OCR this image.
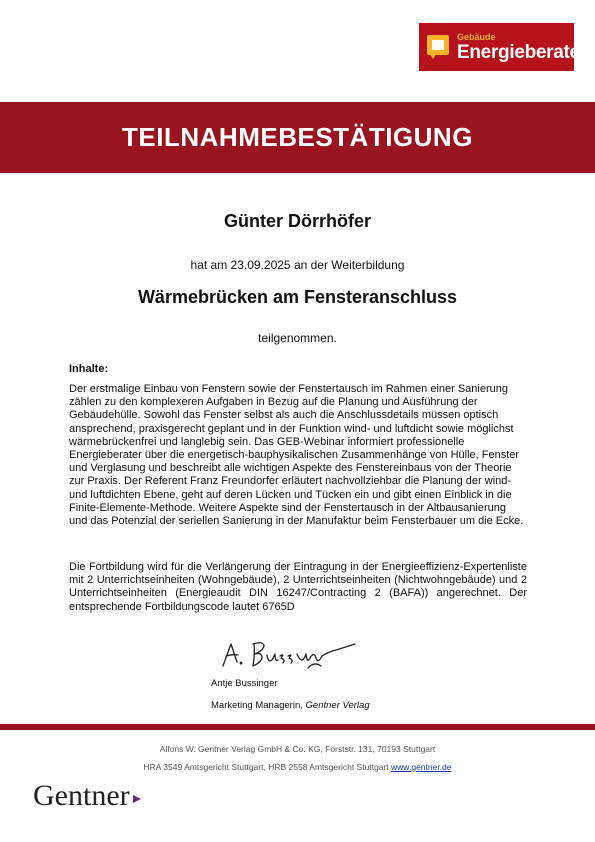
Gebäude
Energieberater
TEILNAHMEBESTÄTIGUNG
Günter Dörrhöfer
hat am 23.09.2025 an der Weiterbildung
Wärmebrücken am Fensteranschluss
teilgenommen.
Inhalte:
Der erstmalige Einbau von Fenstern sowie der Fenstertausch im Rahmen einer Sanierung zählen zu den komplexeren Aufgaben in Bezug auf die Planung und Ausführung der Gebäudehülle. Sowohl das Fenster selbst als auch die Anschlussdetails müssen optisch ansprechend, praxisgerecht geplant und in der Funktion wind- und luftdicht sowie möglichst wärmebrückenfrei und langlebig sein. Das GEB-Webinar informiert professionelle Energieberater über die energetisch-bauphysikalischen Zusammenhänge von Hülle, Fenster und Verglasung und beschreibt alle wichtigen Aspekte des Fenstereinbaus von der Theorie zur Praxis. Der Referent Franz Freundorfer erläutert nachvollziehbar die Planung der wind- und luftdichten Ebene, geht auf deren Lücken und Tücken ein und gibt einen Einblick in die Finite-Elemente-Methode. Weitere Aspekte sind der Fenstertausch in der Altbausanierung und das Potenzial der seriellen Sanierung in der Manufaktur beim Fensterbauer um die Ecke.
Die Fortbildung wird für die Verlängerung der Eintragung in der Energieeffizienz-Expertenliste mit 2 Unterrichtseinheiten (Wohngebäude), 2 Unterrichtseinheiten (Nichtwohngebäude) und 2 Unterrichtseinheiten (Energieaudit DIN 16247/Contracting 2 (BAFA)) angerechnet. Der entsprechende Fortbildungscode lautet 6765D
Antje Bussinger
Marketing Managerin, Gentner Verlag
Alfons W. Gentner Verlag GmbH & Co. KG, Forststr. 131, 70193 Stuttgart
HRA 3549 Amtsgericht Stuttgart, HRB 2558 Amtsgericht Stuttgart www.gentner.de
Gentner
